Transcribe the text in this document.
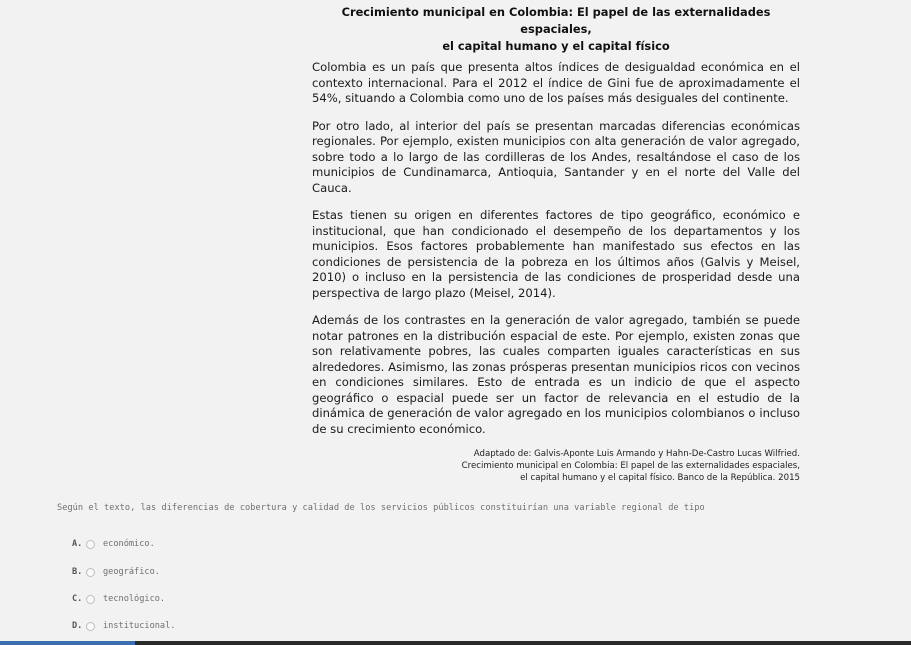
Crecimiento municipal en Colombia: El papel de las externalidades espaciales,
el capital humano y el capital físico

Colombia es un país que presenta altos índices de desigualdad económica en el contexto internacional. Para el 2012 el índice de Gini fue de aproximadamente el 54%, situando a Colombia como uno de los países más desiguales del continente.

Por otro lado, al interior del país se presentan marcadas diferencias económicas regionales. Por ejemplo, existen municipios con alta generación de valor agregado, sobre todo a lo largo de las cordilleras de los Andes, resaltándose el caso de los municipios de Cundinamarca, Antioquia, Santander y en el norte del Valle del Cauca.

Estas tienen su origen en diferentes factores de tipo geográfico, económico e institucional, que han condicionado el desempeño de los departamentos y los municipios. Esos factores probablemente han manifestado sus efectos en las condiciones de persistencia de la pobreza en los últimos años (Galvis y Meisel, 2010) o incluso en la persistencia de las condiciones de prosperidad desde una perspectiva de largo plazo (Meisel, 2014).

Además de los contrastes en la generación de valor agregado, también se puede notar patrones en la distribución espacial de este. Por ejemplo, existen zonas que son relativamente pobres, las cuales comparten iguales características en sus alrededores. Asimismo, las zonas prósperas presentan municipios ricos con vecinos en condiciones similares. Esto de entrada es un indicio de que el aspecto geográfico o espacial puede ser un factor de relevancia en el estudio de la dinámica de generación de valor agregado en los municipios colombianos o incluso de su crecimiento económico.

Adaptado de: Galvis-Aponte Luis Armando y Hahn-De-Castro Lucas Wilfried.
Crecimiento municipal en Colombia: El papel de las externalidades espaciales,
el capital humano y el capital físico. Banco de la República. 2015
Según el texto, las diferencias de cobertura y calidad de los servicios públicos constituirían una variable regional de tipo
A.	económico.
B.	geográfico.
C.	tecnológico.
D.	institucional.
